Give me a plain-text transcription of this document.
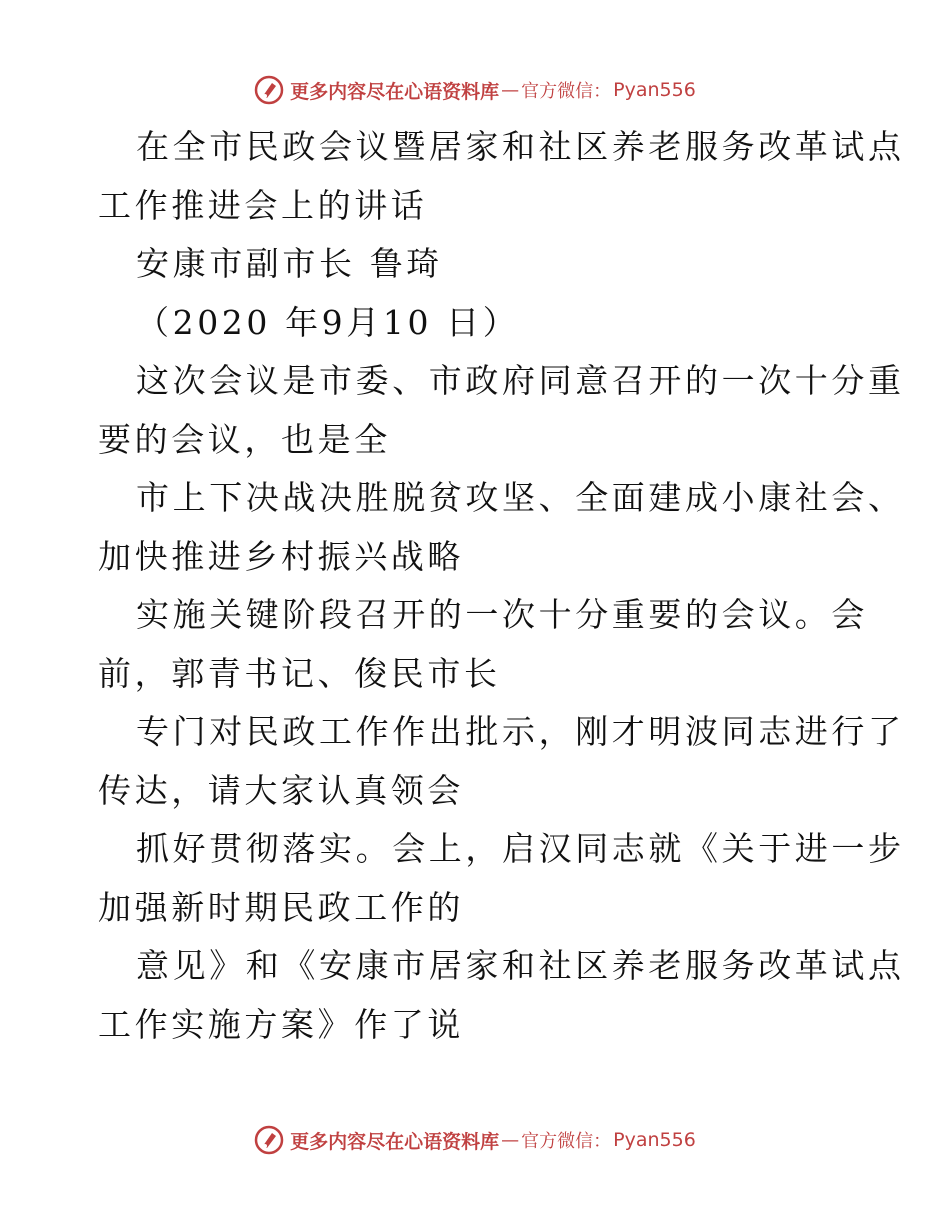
更多内容尽在心语资料库 — 官方微信： Pyan556
在全市民政会议暨居家和社区养老服务改革试点
工作推进会上的讲话
安康市副市长 鲁琦
（2020 年9月10 日）
这次会议是市委、市政府同意召开的一次十分重
要的会议，也是全
市上下决战决胜脱贫攻坚、全面建成小康社会、
加快推进乡村振兴战略
实施关键阶段召开的一次十分重要的会议。会
前，郭青书记、俊民市长
专门对民政工作作出批示，刚才明波同志进行了
传达，请大家认真领会
抓好贯彻落实。会上，启汉同志就《关于进一步
加强新时期民政工作的
意见》和《安康市居家和社区养老服务改革试点
工作实施方案》作了说
更多内容尽在心语资料库 — 官方微信： Pyan556
